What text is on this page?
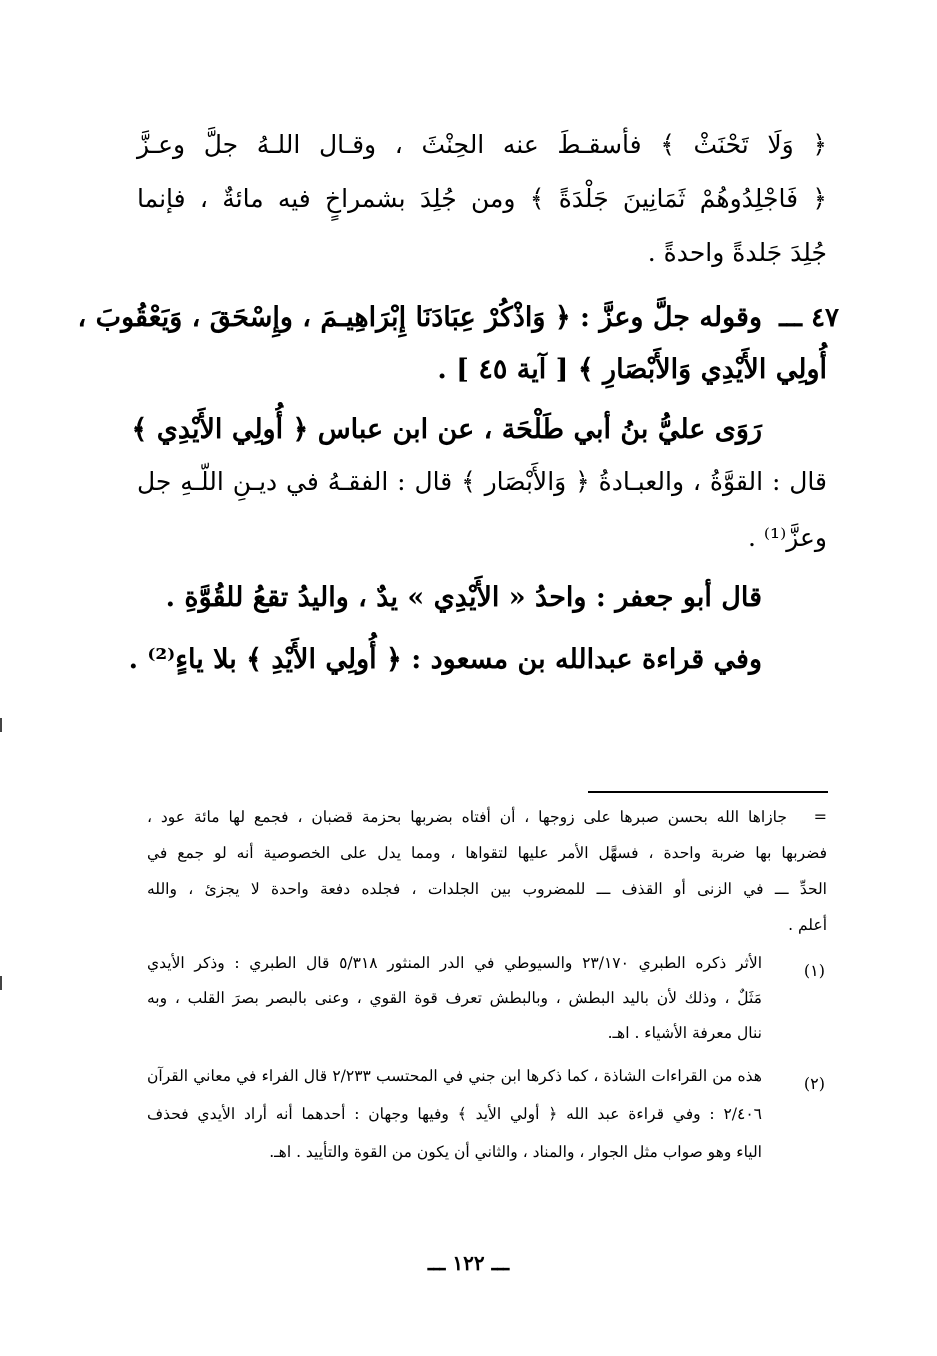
﴿ وَلَا تَحْنَثْ ﴾ فأسقـطَ عنه الحِنْثَ ، وقـال اللـهُ جلَّ وعـزَّ
﴿ فَاجْلِدُوهُمْ ثَمَانِينَ جَلْدَةً ﴾ ومن جُلِدَ بشمراخٍ فيه مائةٌ ، فإنما
جُلِدَ جَلدةً واحدةً .
٤٧ ـــ
وقوله جلَّ وعزَّ : ﴿ وَاذْكُرْ عِبَادَنَا إِبْرَاهِيـمَ ، وإِسْحَقَ ، وَيَعْقُوبَ ،
أُولِي الأَيْدِي وَالأَبْصَارِ ﴾ [ آية ٤٥ ] .
رَوَى عليُّ بنُ أبي طَلْحَة ، عن ابن عباس ﴿ أُولِي الأَيْدِي ﴾
قال : القوَّةُ ، والعبـادةُ ﴿ وَالأَبْصَار ﴾ قال : الفقـهُ في ديـنِ اللّـهِ جل
وعزَّ⁽¹⁾ .
قال أبو جعفر : واحدُ « الأَيْدِي » يدٌ ، واليدُ تقعُ للقُوَّةِ .
وفي قراءة عبدالله بن مسعود : ﴿ أُولِي الأَيْدِ ﴾ بلا ياءٍ⁽²⁾ .
=
جازاها الله بحسن صبرها على زوجها ، أن أفتاه بضربها بحزمة قضبان ، فجمع لها مائة عود ،
فضربها بها ضربة واحدة ، فسهَّل الأمر عليها لتقواها ، ومما يدل على الخصوصية أنه لو جمع في
الحدِّ ـــ في الزنى أو القذف ـــ للمضروب بين الجلدات ، فجلده دفعة واحدة لا يجزئ ، والله
أعلم .
(١)
الأثر ذكره الطبري ٢٣/١٧٠ والسيوطي في الدر المنثور ٥/٣١٨ قال الطبري : وذكر الأيدي
مَثَلٌ ، وذلك لأن باليد البطش ، وبالبطش تعرف قوة القوي ، وعنى بالبصر بصرَ القلب ، وبه
ننال معرفة الأشياء . اهـ.
(٢)
هذه من القراءات الشاذة ، كما ذكرها ابن جني في المحتسب ٢/٢٣٣ قال الفراء في معاني القرآن
٢/٤٠٦ : وفي قراءة عبد الله ﴿ أولي الأيد ﴾ وفيها وجهان : أحدهما أنه أراد الأيدي فحذف
الياء وهو صواب مثل الجوار ، والمناد ، والثاني أن يكون من القوة والتأييد . اهـ.
ـــ ١٢٢ ـــ
